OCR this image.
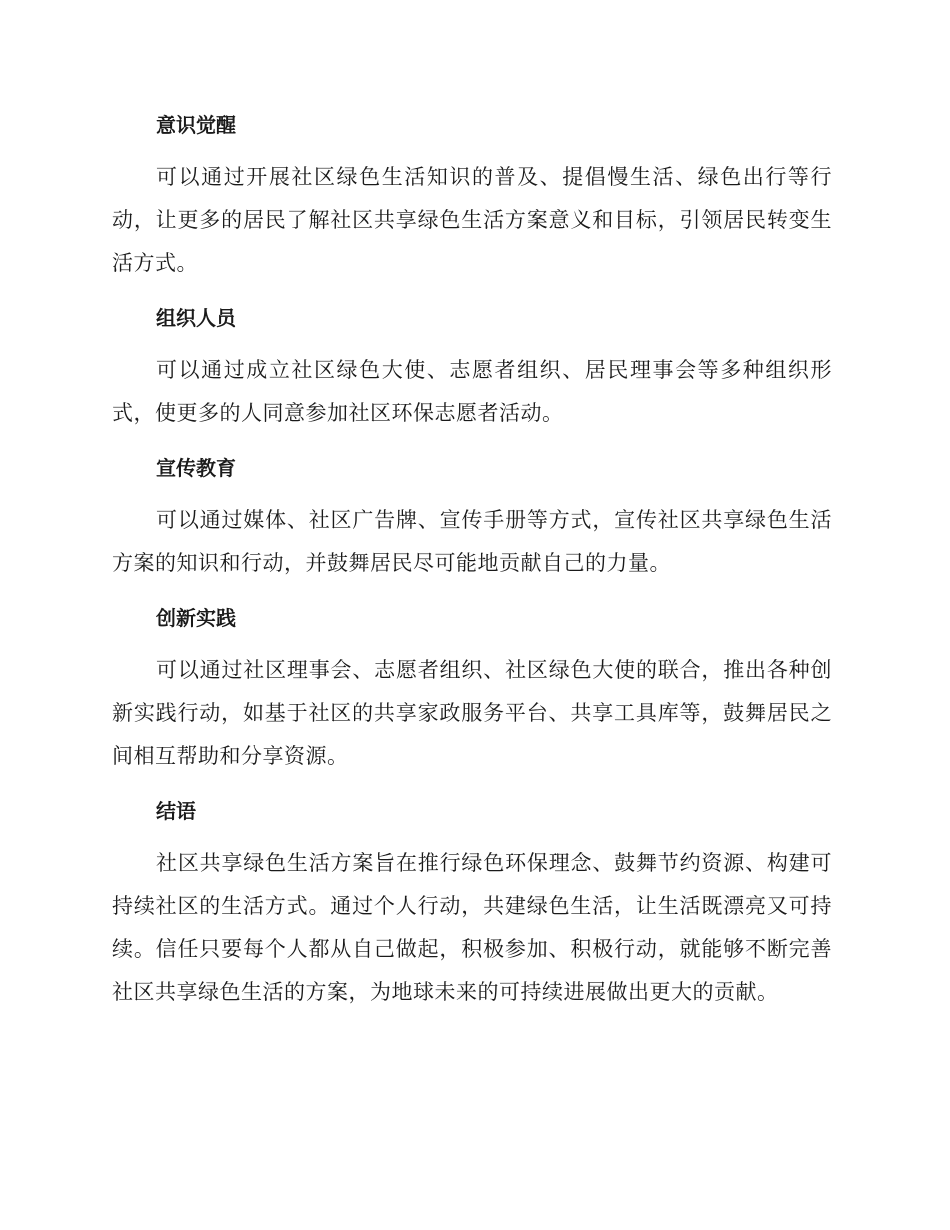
意识觉醒
可以通过开展社区绿色生活知识的普及、提倡慢生活、绿色出行等行动，让更多的居民了解社区共享绿色生活方案意义和目标，引领居民转变生活方式。
组织人员
可以通过成立社区绿色大使、志愿者组织、居民理事会等多种组织形式，使更多的人同意参加社区环保志愿者活动。
宣传教育
可以通过媒体、社区广告牌、宣传手册等方式，宣传社区共享绿色生活方案的知识和行动，并鼓舞居民尽可能地贡献自己的力量。
创新实践
可以通过社区理事会、志愿者组织、社区绿色大使的联合，推出各种创新实践行动，如基于社区的共享家政服务平台、共享工具库等，鼓舞居民之间相互帮助和分享资源。
结语
社区共享绿色生活方案旨在推行绿色环保理念、鼓舞节约资源、构建可持续社区的生活方式。通过个人行动，共建绿色生活，让生活既漂亮又可持续。信任只要每个人都从自己做起，积极参加、积极行动，就能够不断完善社区共享绿色生活的方案，为地球未来的可持续进展做出更大的贡献。
